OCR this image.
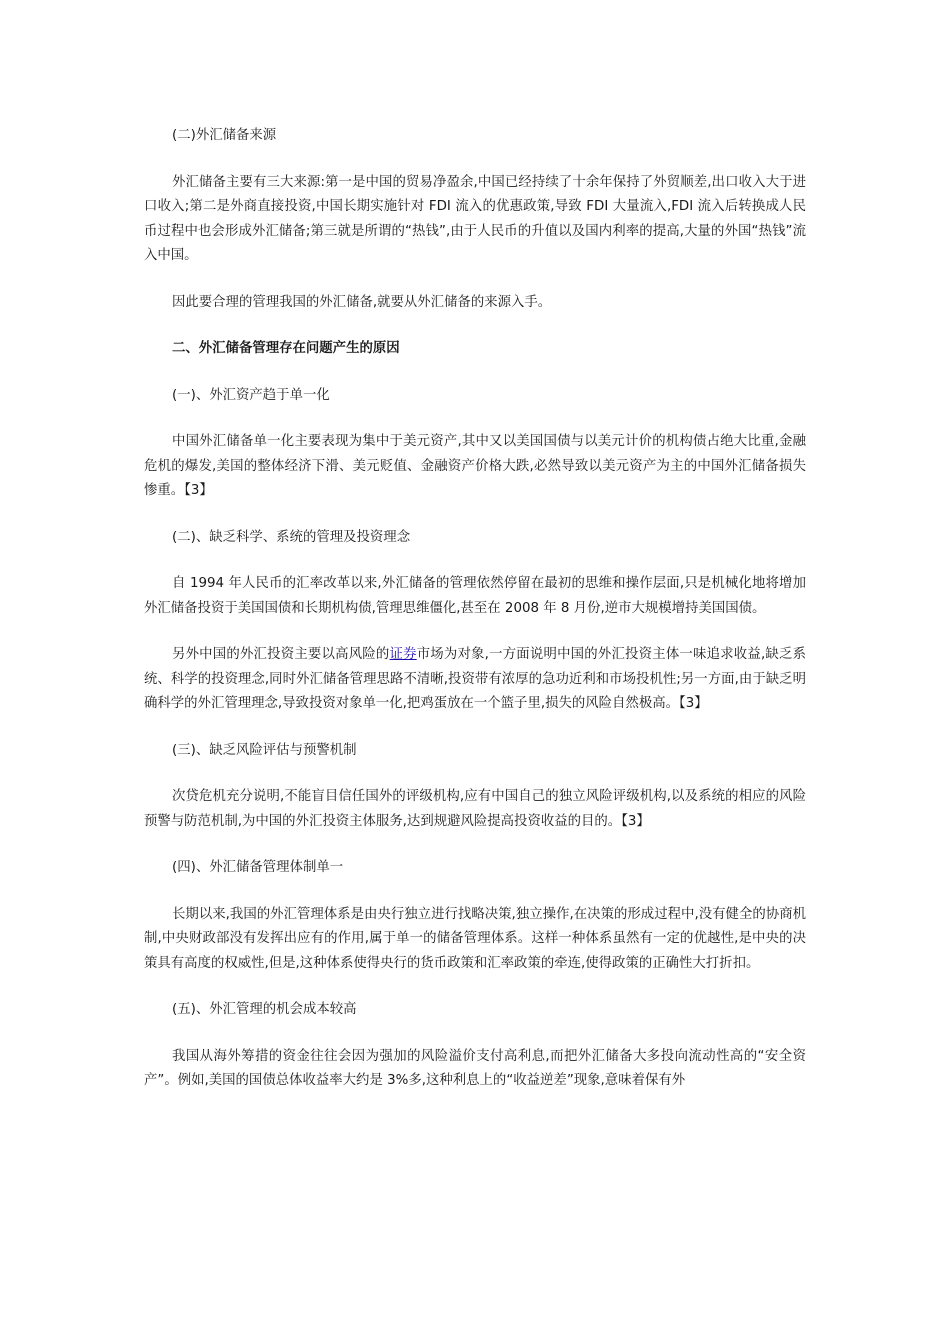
(二)外汇储备来源

外汇储备主要有三大来源:第一是中国的贸易净盈余,中国已经持续了十余年保持了外贸顺差,出口收入大于进口收入;第二是外商直接投资,中国长期实施针对 FDI 流入的优惠政策,导致 FDI 大量流入,FDI 流入后转换成人民币过程中也会形成外汇储备;第三就是所谓的“热钱”,由于人民币的升值以及国内利率的提高,大量的外国“热钱”流入中国。

因此要合理的管理我国的外汇储备,就要从外汇储备的来源入手。

二、外汇储备管理存在问题产生的原因

(一)、外汇资产趋于单一化

中国外汇储备单一化主要表现为集中于美元资产,其中又以美国国债与以美元计价的机构债占绝大比重,金融危机的爆发,美国的整体经济下滑、美元贬值、金融资产价格大跌,必然导致以美元资产为主的中国外汇储备损失惨重。【3】

(二)、缺乏科学、系统的管理及投资理念

自 1994 年人民币的汇率改革以来,外汇储备的管理依然停留在最初的思维和操作层面,只是机械化地将增加外汇储备投资于美国国债和长期机构债,管理思维僵化,甚至在 2008 年 8 月份,逆市大规模增持美国国债。

另外中国的外汇投资主要以高风险的证券市场为对象,一方面说明中国的外汇投资主体一味追求收益,缺乏系统、科学的投资理念,同时外汇储备管理思路不清晰,投资带有浓厚的急功近利和市场投机性;另一方面,由于缺乏明确科学的外汇管理理念,导致投资对象单一化,把鸡蛋放在一个篮子里,损失的风险自然极高。【3】

(三)、缺乏风险评估与预警机制

次贷危机充分说明,不能盲目信任国外的评级机构,应有中国自己的独立风险评级机构,以及系统的相应的风险预警与防范机制,为中国的外汇投资主体服务,达到规避风险提高投资收益的目的。【3】

(四)、外汇储备管理体制单一

长期以来,我国的外汇管理体系是由央行独立进行找略决策,独立操作,在决策的形成过程中,没有健全的协商机制,中央财政部没有发挥出应有的作用,属于单一的储备管理体系。这样一种体系虽然有一定的优越性,是中央的决策具有高度的权威性,但是,这种体系使得央行的货币政策和汇率政策的牵连,使得政策的正确性大打折扣。

(五)、外汇管理的机会成本较高

我国从海外筹措的资金往往会因为强加的风险溢价支付高利息,而把外汇储备大多投向流动性高的“安全资产”。例如,美国的国债总体收益率大约是 3%多,这种利息上的“收益逆差”现象,意味着保有外
